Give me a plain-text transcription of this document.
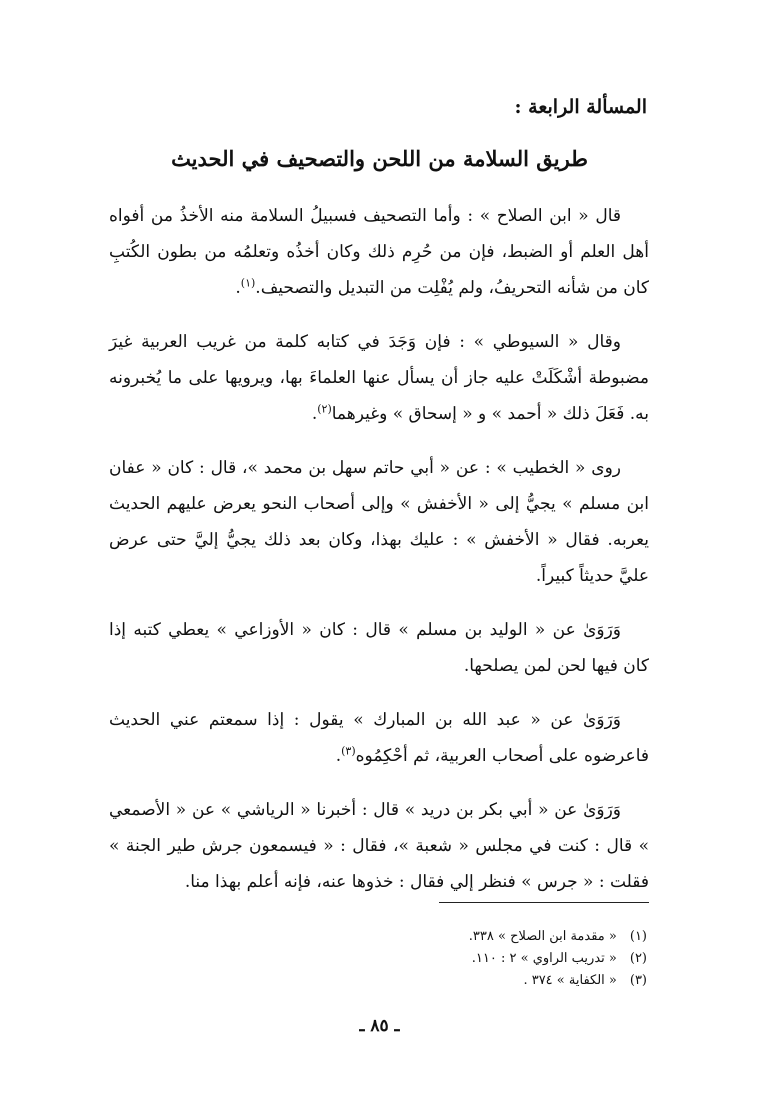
المسألة الرابعة :
طريق السلامة من اللحن والتصحيف في الحديث

قال « ابن الصلاح » : وأما التصحيف فسبيلُ السلامة منه الأخذُ من أفواه أهل العلم أو الضبط، فإن من حُرِم ذلك وكان أخذُه وتعلمُه من بطون الكُتبِ كان من شأنه التحريفُ، ولم يُفْلِت من التبديل والتصحيف.$^{(١)}$.

وقال « السيوطي » : فإن وَجَدَ في كتابه كلمة من غريب العربية غيرَ مضبوطة أشْكَلَتْ عليه جاز أن يسأل عنها العلماءَ بها، ويرويها على ما يُخبرونه به. فَعَلَ ذلك « أحمد » و « إسحاق » وغيرهما$^{(٢)}$.

روى « الخطيب » : عن « أبي حاتم سهل بن محمد »، قال : كان « عفان ابن مسلم » يجيُّ إلى « الأخفش » وإلى أصحاب النحو يعرض عليهم الحديث يعربه. فقال « الأخفش » : عليك بهذا، وكان بعد ذلك يجيُّ إليَّ حتى عرض عليَّ حديثاً كبيراً.

وَرَوَىٰ عن « الوليد بن مسلم » قال : كان « الأوزاعي » يعطي كتبه إذا كان فيها لحن لمن يصلحها.

وَرَوَىٰ عن « عبد الله بن المبارك » يقول : إذا سمعتم عني الحديث فاعرضوه على أصحاب العربية، ثم أحْكِمُوه$^{(٣)}$.

وَرَوَىٰ عن « أبي بكر بن دريد » قال : أخبرنا « الرياشي » عن « الأصمعي » قال : كنت في مجلس « شعبة »، فقال : « فيسمعون جرش طير الجنة » فقلت : « جرس » فنظر إلي فقال : خذوها عنه، فإنه أعلم بهذا منا.

(١) « مقدمة ابن الصلاح » ٣٣٨.

(٢) « تدريب الراوي » ٢ : ١١٠.

(٣) « الكفاية » ٣٧٤ .

ـ ٨٥ ـ
